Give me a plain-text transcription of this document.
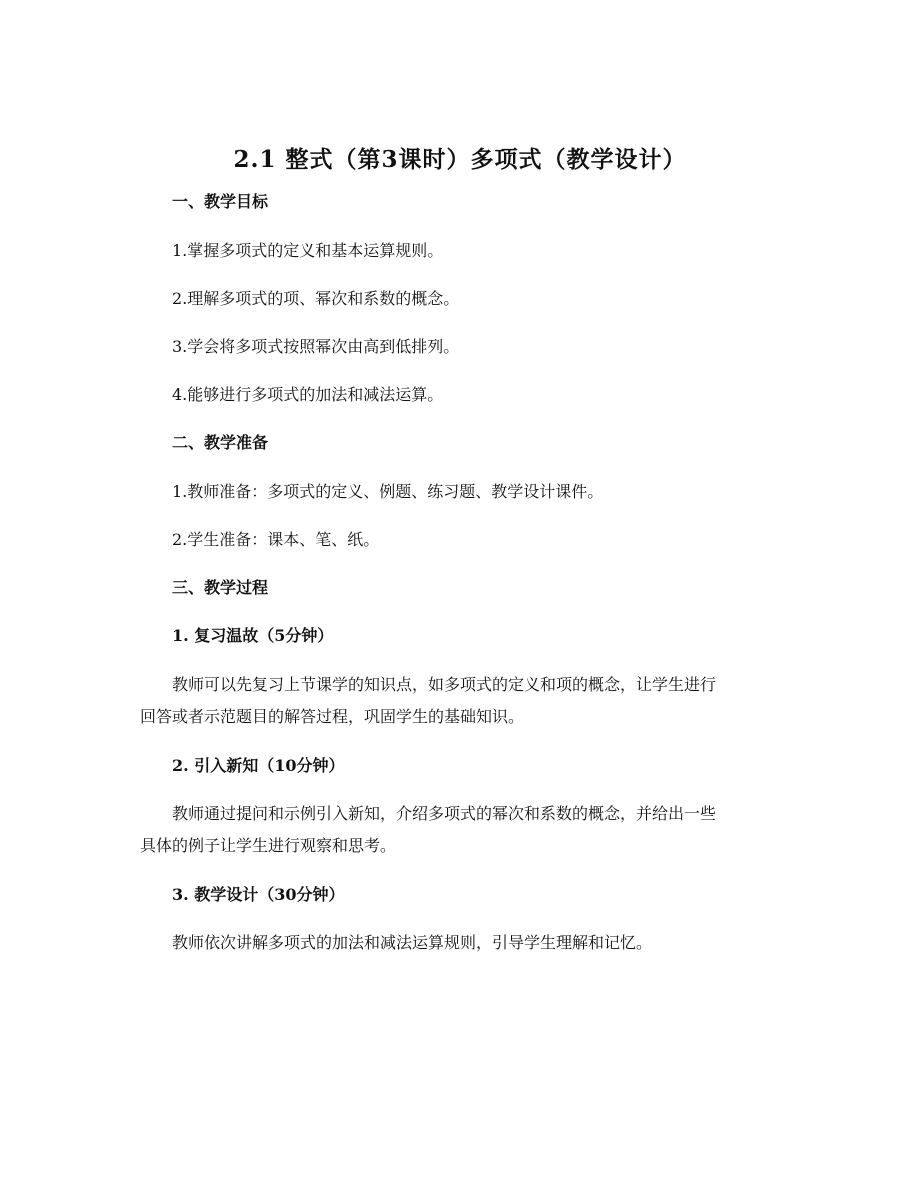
2.1 整式（第3课时）多项式（教学设计）

一、教学目标

1.掌握多项式的定义和基本运算规则。

2.理解多项式的项、幂次和系数的概念。

3.学会将多项式按照幂次由高到低排列。

4.能够进行多项式的加法和减法运算。

二、教学准备

1.教师准备：多项式的定义、例题、练习题、教学设计课件。

2.学生准备：课本、笔、纸。

三、教学过程

1. 复习温故（5分钟）

教师可以先复习上节课学的知识点，如多项式的定义和项的概念，让学生进行
回答或者示范题目的解答过程，巩固学生的基础知识。

2. 引入新知（10分钟）

教师通过提问和示例引入新知，介绍多项式的幂次和系数的概念，并给出一些
具体的例子让学生进行观察和思考。

3. 教学设计（30分钟）

教师依次讲解多项式的加法和减法运算规则，引导学生理解和记忆。
